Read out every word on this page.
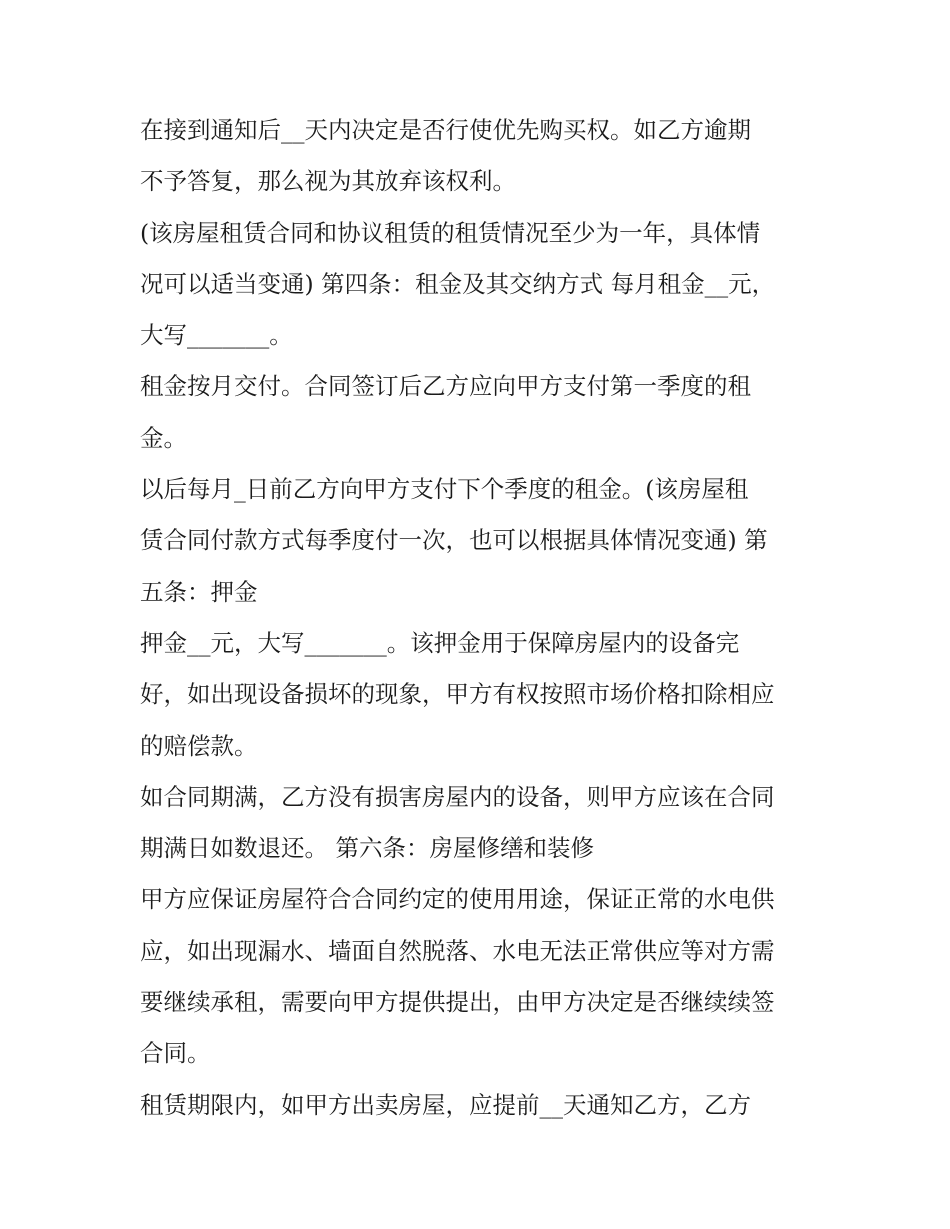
在接到通知后__天内决定是否行使优先购买权。如乙方逾期
不予答复，那么视为其放弃该权利。
(该房屋租赁合同和协议租赁的租赁情况至少为一年，具体情
况可以适当变通) 第四条：租金及其交纳方式 每月租金__元，
大写_______。
租金按月交付。合同签订后乙方应向甲方支付第一季度的租
金。
以后每月_日前乙方向甲方支付下个季度的租金。(该房屋租
赁合同付款方式每季度付一次，也可以根据具体情况变通) 第
五条：押金
押金__元，大写_______。该押金用于保障房屋内的设备完
好，如出现设备损坏的现象，甲方有权按照市场价格扣除相应
的赔偿款。
如合同期满，乙方没有损害房屋内的设备，则甲方应该在合同
期满日如数退还。 第六条：房屋修缮和装修
甲方应保证房屋符合合同约定的使用用途，保证正常的水电供
应，如出现漏水、墙面自然脱落、水电无法正常供应等对方需
要继续承租，需要向甲方提供提出，由甲方决定是否继续续签
合同。
租赁期限内，如甲方出卖房屋，应提前__天通知乙方，乙方
